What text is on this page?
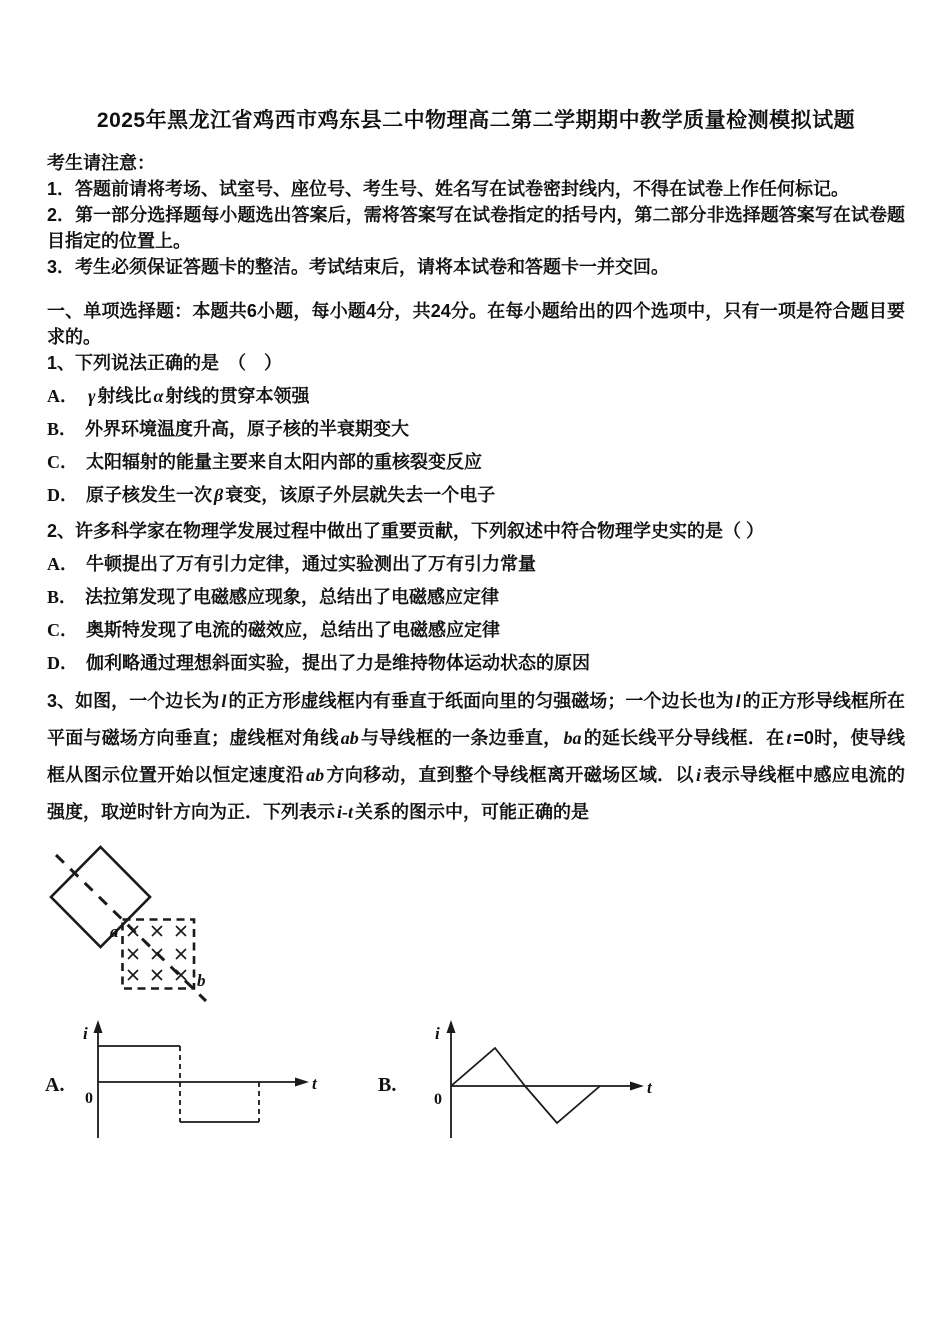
2025年黑龙江省鸡西市鸡东县二中物理高二第二学期期中教学质量检测模拟试题
考生请注意：
1．答题前请将考场、试室号、座位号、考生号、姓名写在试卷密封线内，不得在试卷上作任何标记。
2．第一部分选择题每小题选出答案后，需将答案写在试卷指定的括号内，第二部分非选择题答案写在试卷题目指定的位置上。
3．考生必须保证答题卡的整洁。考试结束后，请将本试卷和答题卡一并交回。
一、单项选择题：本题共6小题，每小题4分，共24分。在每小题给出的四个选项中，只有一项是符合题目要求的。
1、下列说法正确的是　（　）
A． γ 射线比 α 射线的贯穿本领强
B． 外界环境温度升高，原子核的半衰期变大
C． 太阳辐射的能量主要来自太阳内部的重核裂变反应
D． 原子核发生一次 β 衰变，该原子外层就失去一个电子
2、许多科学家在物理学发展过程中做出了重要贡献，下列叙述中符合物理学史实的是（ ）
A． 牛顿提出了万有引力定律，通过实验测出了万有引力常量
B． 法拉第发现了电磁感应现象，总结出了电磁感应定律
C． 奥斯特发现了电流的磁效应，总结出了电磁感应定律
D． 伽利略通过理想斜面实验，提出了力是维持物体运动状态的原因
3、如图，一个边长为 l 的正方形虚线框内有垂直于纸面向里的匀强磁场；一个边长也为 l 的正方形导线框所在平面与磁场方向垂直；虚线框对角线 ab 与导线框的一条边垂直， ba 的延长线平分导线框．在 t =0时，使导线框从图示位置开始以恒定速度沿 ab 方向移动，直到整个导线框离开磁场区域．以 i 表示导线框中感应电流的强度，取逆时针方向为正．下列表示 i-t 关系的图示中，可能正确的是
a
b
A.
i
t
0
B.
i
t
0
